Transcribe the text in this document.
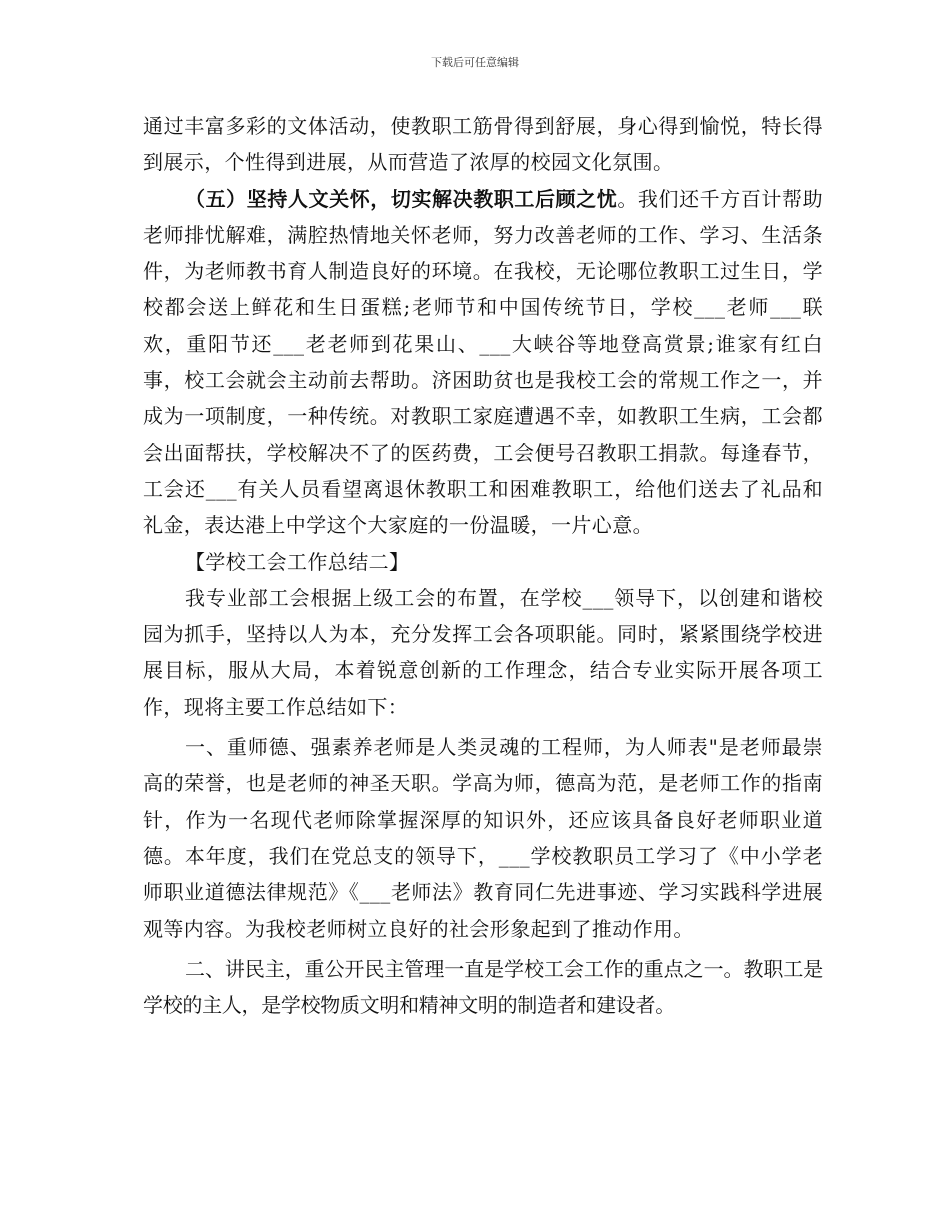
下载后可任意编辑

通过丰富多彩的文体活动，使教职工筋骨得到舒展，身心得到愉悦，特长得到展示，个性得到进展，从而营造了浓厚的校园文化氛围。

（五）坚持人文关怀，切实解决教职工后顾之忧。我们还千方百计帮助老师排忧解难，满腔热情地关怀老师，努力改善老师的工作、学习、生活条件，为老师教书育人制造良好的环境。在我校，无论哪位教职工过生日，学校都会送上鲜花和生日蛋糕;老师节和中国传统节日，学校___老师___联欢，重阳节还___老老师到花果山、___大峡谷等地登高赏景;谁家有红白事，校工会就会主动前去帮助。济困助贫也是我校工会的常规工作之一，并成为一项制度，一种传统。对教职工家庭遭遇不幸，如教职工生病，工会都会出面帮扶，学校解决不了的医药费，工会便号召教职工捐款。每逢春节，工会还___有关人员看望离退休教职工和困难教职工，给他们送去了礼品和礼金，表达港上中学这个大家庭的一份温暖，一片心意。

【学校工会工作总结二】

我专业部工会根据上级工会的布置，在学校___领导下，以创建和谐校园为抓手，坚持以人为本，充分发挥工会各项职能。同时，紧紧围绕学校进展目标，服从大局，本着锐意创新的工作理念，结合专业实际开展各项工作，现将主要工作总结如下：

一、重师德、强素养老师是人类灵魂的工程师，为人师表"是老师最崇高的荣誉，也是老师的神圣天职。学高为师，德高为范，是老师工作的指南针，作为一名现代老师除掌握深厚的知识外，还应该具备良好老师职业道德。本年度，我们在党总支的领导下，___学校教职员工学习了《中小学老师职业道德法律规范》《___老师法》教育同仁先进事迹、学习实践科学进展观等内容。为我校老师树立良好的社会形象起到了推动作用。

二、讲民主，重公开民主管理一直是学校工会工作的重点之一。教职工是学校的主人，是学校物质文明和精神文明的制造者和建设者。
